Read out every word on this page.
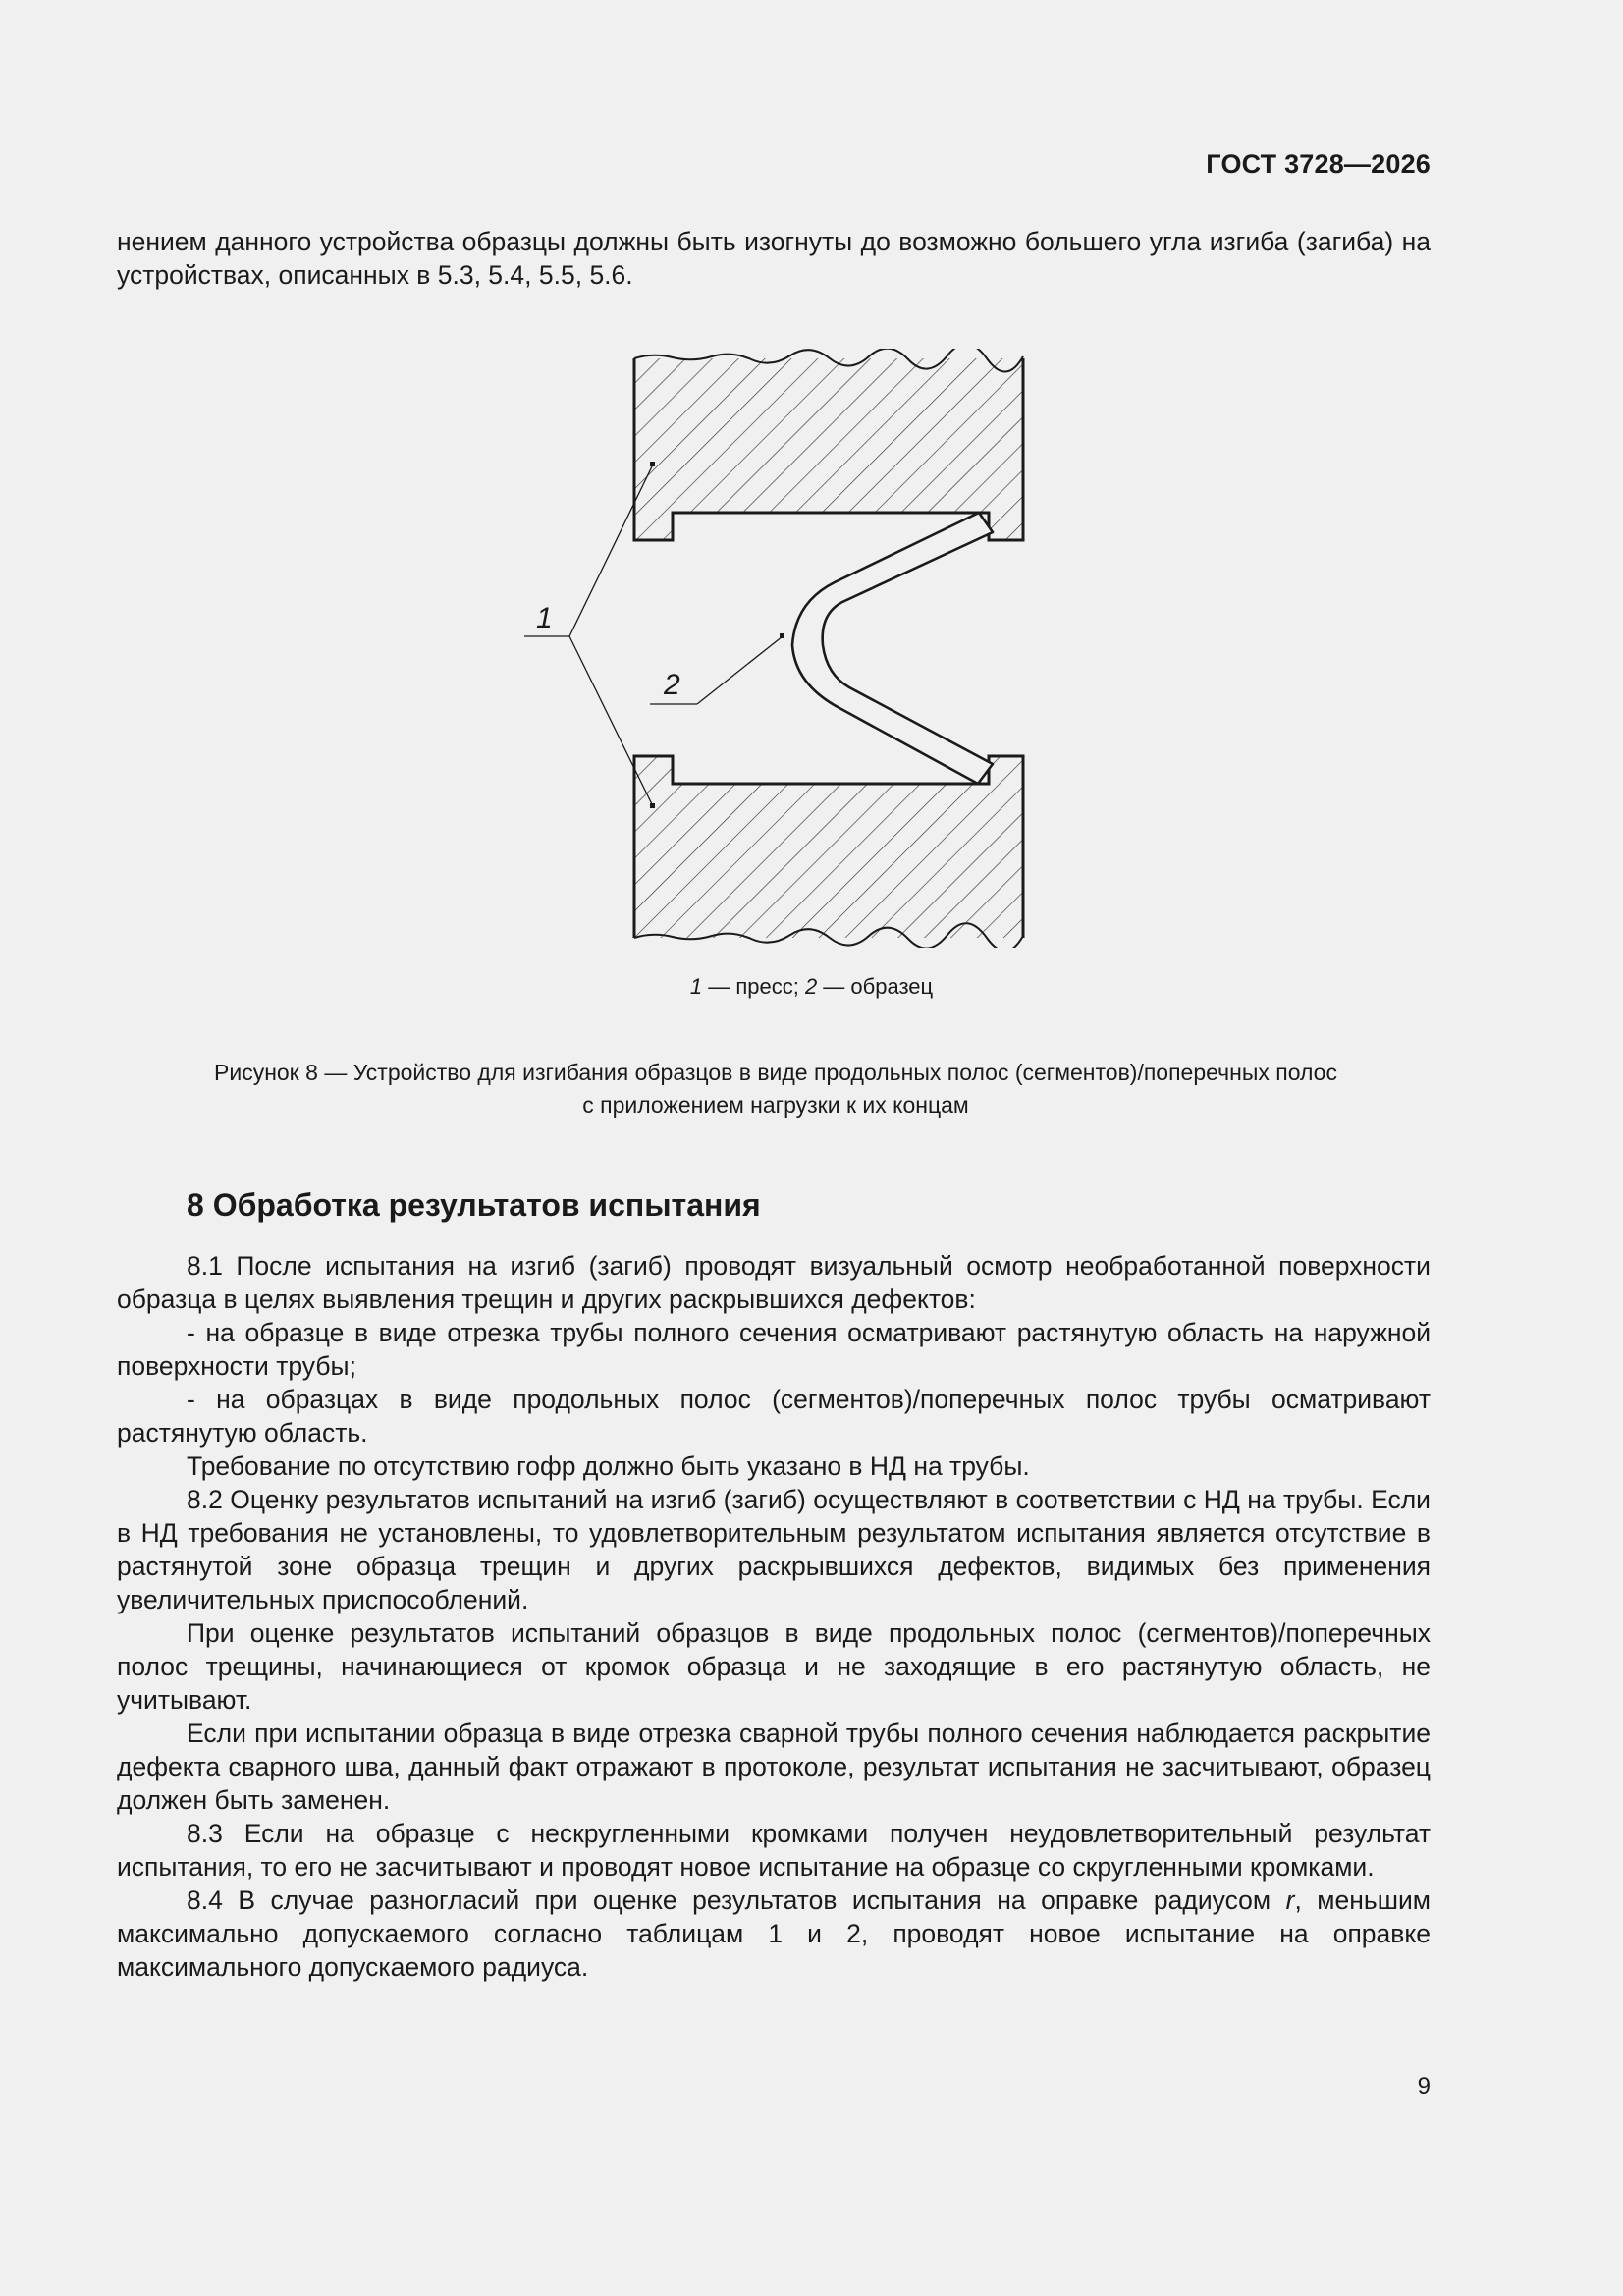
ГОСТ 3728—2026

нением данного устройства образцы должны быть изогнуты до возможно большего угла изгиба (загиба) на устройствах, описанных в 5.3, 5.4, 5.5, 5.6.

1
2
1 — пресс; 2 — образец
Рисунок 8 — Устройство для изгибания образцов в виде продольных полос (сегментов)/поперечных полос
с приложением нагрузки к их концам
8 Обработка результатов испытания

8.1 После испытания на изгиб (загиб) проводят визуальный осмотр необработанной поверхности образца в целях выявления трещин и других раскрывшихся дефектов:

- на образце в виде отрезка трубы полного сечения осматривают растянутую область на наружной поверхности трубы;

- на образцах в виде продольных полос (сегментов)/поперечных полос трубы осматривают растянутую область.

Требование по отсутствию гофр должно быть указано в НД на трубы.

8.2 Оценку результатов испытаний на изгиб (загиб) осуществляют в соответствии с НД на трубы. Если в НД требования не установлены, то удовлетворительным результатом испытания является отсутствие в растянутой зоне образца трещин и других раскрывшихся дефектов, видимых без применения увеличительных приспособлений.

При оценке результатов испытаний образцов в виде продольных полос (сегментов)/поперечных полос трещины, начинающиеся от кромок образца и не заходящие в его растянутую область, не учитывают.

Если при испытании образца в виде отрезка сварной трубы полного сечения наблюдается раскрытие дефекта сварного шва, данный факт отражают в протоколе, результат испытания не засчитывают, образец должен быть заменен.

8.3 Если на образце с нескругленными кромками получен неудовлетворительный результат испытания, то его не засчитывают и проводят новое испытание на образце со скругленными кромками.

8.4 В случае разногласий при оценке результатов испытания на оправке радиусом r, меньшим максимально допускаемого согласно таблицам 1 и 2, проводят новое испытание на оправке максимального допускаемого радиуса.

9
